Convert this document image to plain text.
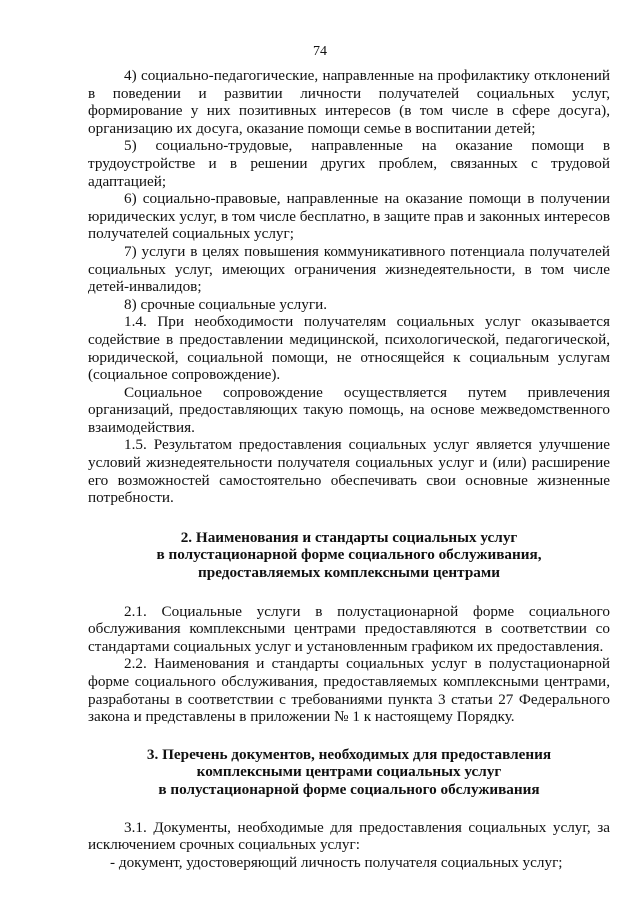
74

4) социально-педагогические, направленные на профилактику отклонений в поведении и развитии личности получателей социальных услуг, формирование у них позитивных интересов (в том числе в сфере досуга), организацию их досуга, оказание помощи семье в воспитании детей;

5) социально-трудовые, направленные на оказание помощи в трудоустройстве и в решении других проблем, связанных с трудовой адаптацией;

6) социально-правовые, направленные на оказание помощи в получении юридических услуг, в том числе бесплатно, в защите прав и законных интересов получателей социальных услуг;

7) услуги в целях повышения коммуникативного потенциала получателей социальных услуг, имеющих ограничения жизнедеятельности, в том числе детей-инвалидов;

8) срочные социальные услуги.

1.4. При необходимости получателям социальных услуг оказывается содействие в предоставлении медицинской, психологической, педагогической, юридической, социальной помощи, не относящейся к социальным услугам (социальное сопровождение).

Социальное сопровождение осуществляется путем привлечения организаций, предоставляющих такую помощь, на основе межведомственного взаимодействия.

1.5. Результатом предоставления социальных услуг является улучшение условий жизнедеятельности получателя социальных услуг и (или) расширение его возможностей самостоятельно обеспечивать свои основные жизненные потребности.

2. Наименования и стандарты социальных услуг
в полустационарной форме социального обслуживания,
предоставляемых комплексными центрами

2.1. Социальные услуги в полустационарной форме социального обслуживания комплексными центрами предоставляются в соответствии со стандартами социальных услуг и установленным графиком их предоставления.

2.2. Наименования и стандарты социальных услуг в полустационарной форме социального обслуживания, предоставляемых комплексными центрами, разработаны в соответствии с требованиями пункта 3 статьи 27 Федерального закона и представлены в приложении № 1 к настоящему Порядку.

3. Перечень документов, необходимых для предоставления
комплексными центрами социальных услуг
в полустационарной форме социального обслуживания

3.1. Документы, необходимые для предоставления социальных услуг, за исключением срочных социальных услуг:

- документ, удостоверяющий личность получателя социальных услуг;
